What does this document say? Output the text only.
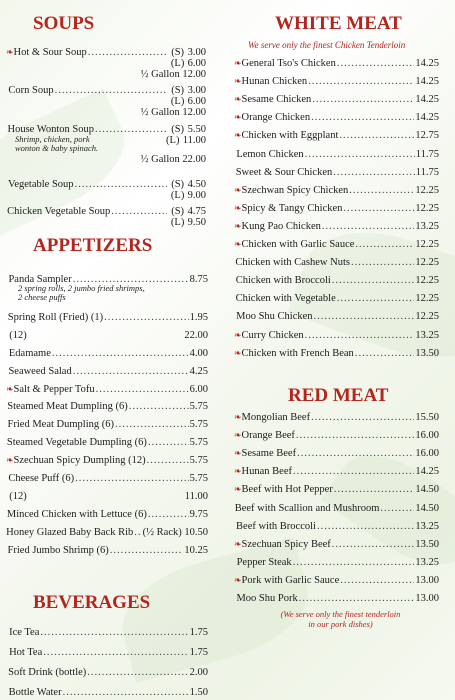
SOUPS
❧ Hot & Sour Soup .....	(S) 3.00
(L) 6.00
½ Gallon 12.00
Corn Soup .....	(S) 3.00
(L) 6.00
½ Gallon 12.00
House Wonton Soup .....	(S) 5.50
(L) 11.00
½ Gallon 22.00
Vegetable Soup .....	(S) 4.50
(L) 9.00
Chicken Vegetable Soup .....	(S) 4.75
(L) 9.50
Shrimp, chicken, pork
wonton & baby spinach.
APPETIZERS
Panda Sampler .....	8.75
Spring Roll (Fried) (1) .....	1.95
(12)	22.00
Edamame .....	4.00
Seaweed Salad .....	4.25
❧ Salt & Pepper Tofu .....	6.00
Steamed Meat Dumpling (6) .....	5.75
Fried Meat Dumpling (6) .....	5.75
Steamed Vegetable Dumpling (6) .....	5.75
❧ Szechuan Spicy Dumpling (12) .....	5.75
Cheese Puff (6) .....	5.75
(12)	11.00
Minced Chicken with Lettuce (6) .....	9.75
Honey Glazed Baby Back Rib ..... (½ Rack) 10.50
Fried Jumbo Shrimp (6) .....	10.25
2 spring rolls, 2 jumbo fried shrimps,
2 cheese puffs
BEVERAGES
Ice Tea .....	1.75
Hot Tea .....	1.75
Soft Drink (bottle) .....	2.00
Bottle Water .....	1.50
WHITE MEAT
We serve only the finest Chicken Tenderloin
❧ General Tso's Chicken .....	14.25
❧ Hunan Chicken .....	14.25
❧ Sesame Chicken .....	14.25
❧ Orange Chicken .....	14.25
❧ Chicken with Eggplant .....	12.75
Lemon Chicken .....	11.75
Sweet & Sour Chicken .....	11.75
❧ Szechwan Spicy Chicken .....	12.25
❧ Spicy & Tangy Chicken .....	12.25
❧ Kung Pao Chicken .....	13.25
❧ Chicken with Garlic Sauce .....	12.25
Chicken with Cashew Nuts .....	12.25
Chicken with Broccoli .....	12.25
Chicken with Vegetable .....	12.25
Moo Shu Chicken .....	12.25
❧ Curry Chicken .....	13.25
❧ Chicken with French Bean .....	13.50
RED MEAT
❧ Mongolian Beef .....	15.50
❧ Orange Beef .....	16.00
❧ Sesame Beef .....	16.00
❧ Hunan Beef .....	14.25
❧ Beef with Hot Pepper .....	14.50
Beef with Scallion and Mushroom .....	14.50
Beef with Broccoli .....	13.25
❧ Szechuan Spicy Beef .....	13.50
Pepper Steak .....	13.25
❧ Pork with Garlic Sauce .....	13.00
Moo Shu Pork .....	13.00
(We serve only the finest tenderloin
in our pork dishes)
